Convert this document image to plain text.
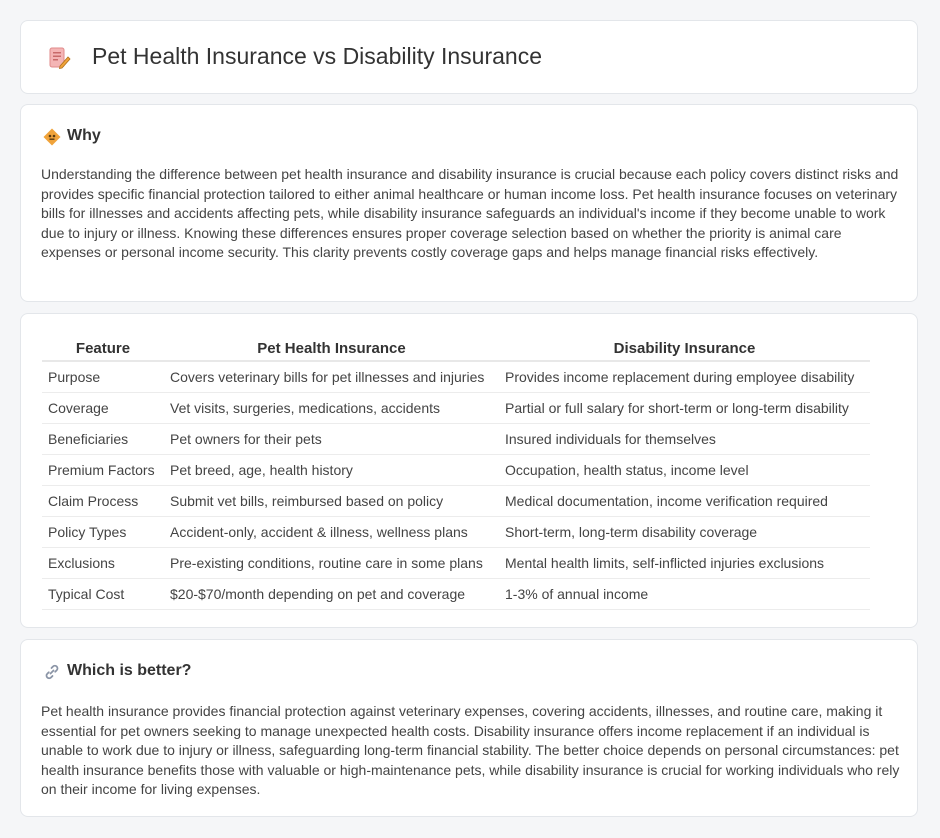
Pet Health Insurance vs Disability Insurance
Why

Understanding the difference between pet health insurance and disability insurance is crucial because each policy covers distinct risks and provides specific financial protection tailored to either animal healthcare or human income loss. Pet health insurance focuses on veterinary bills for illnesses and accidents affecting pets, while disability insurance safeguards an individual's income if they become unable to work due to injury or illness. Knowing these differences ensures proper coverage selection based on whether the priority is animal care expenses or personal income security. This clarity prevents costly coverage gaps and helps manage financial risks effectively.

Feature	Pet Health Insurance	Disability Insurance
Purpose	Covers veterinary bills for pet illnesses and injuries	Provides income replacement during employee disability
Coverage	Vet visits, surgeries, medications, accidents	Partial or full salary for short-term or long-term disability
Beneficiaries	Pet owners for their pets	Insured individuals for themselves
Premium Factors	Pet breed, age, health history	Occupation, health status, income level
Claim Process	Submit vet bills, reimbursed based on policy	Medical documentation, income verification required
Policy Types	Accident-only, accident & illness, wellness plans	Short-term, long-term disability coverage
Exclusions	Pre-existing conditions, routine care in some plans	Mental health limits, self-inflicted injuries exclusions
Typical Cost	$20-$70/month depending on pet and coverage	1-3% of annual income
Which is better?

Pet health insurance provides financial protection against veterinary expenses, covering accidents, illnesses, and routine care, making it essential for pet owners seeking to manage unexpected health costs. Disability insurance offers income replacement if an individual is unable to work due to injury or illness, safeguarding long-term financial stability. The better choice depends on personal circumstances: pet health insurance benefits those with valuable or high-maintenance pets, while disability insurance is crucial for working individuals who rely on their income for living expenses.
